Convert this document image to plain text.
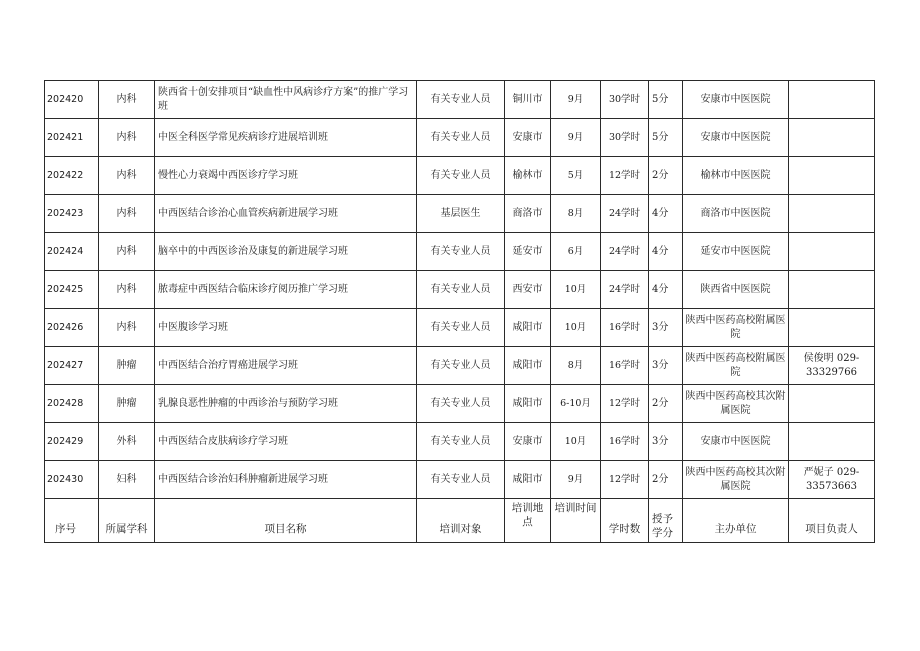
202420	内科	陕西省十创安排项目“缺血性中风病诊疗方案”的推广学习班	有关专业人员	铜川市	9月	30学时	5分	安康市中医医院	
202421	内科	中医全科医学常见疾病诊疗进展培训班	有关专业人员	安康市	9月	30学时	5分	安康市中医医院	
202422	内科	慢性心力衰竭中西医诊疗学习班	有关专业人员	榆林市	5月	12学时	2分	榆林市中医医院	
202423	内科	中西医结合诊治心血管疾病新进展学习班	基层医生	商洛市	8月	24学时	4分	商洛市中医医院	
202424	内科	脑卒中的中西医诊治及康复的新进展学习班	有关专业人员	延安市	6月	24学时	4分	延安市中医医院	
202425	内科	脓毒症中西医结合临床诊疗阅历推广学习班	有关专业人员	西安市	10月	24学时	4分	陕西省中医医院	
202426	内科	中医腹诊学习班	有关专业人员	咸阳市	10月	16学时	3分	陕西中医药高校附属医院	
202427	肿瘤	中西医结合治疗胃癌进展学习班	有关专业人员	咸阳市	8月	16学时	3分	陕西中医药高校附属医院	侯俊明 029-33329766
202428	肿瘤	乳腺良恶性肿瘤的中西诊治与预防学习班	有关专业人员	咸阳市	6-10月	12学时	2分	陕西中医药高校其次附属医院	
202429	外科	中西医结合皮肤病诊疗学习班	有关专业人员	安康市	10月	16学时	3分	安康市中医医院	
202430	妇科	中西医结合诊治妇科肿瘤新进展学习班	有关专业人员	咸阳市	9月	12学时	2分	陕西中医药高校其次附属医院	严妮子 029-33573663
序号	所属学科	项目名称	培训对象	培训地点	培训时间	学时数	授予学分	主办单位	项目负责人
